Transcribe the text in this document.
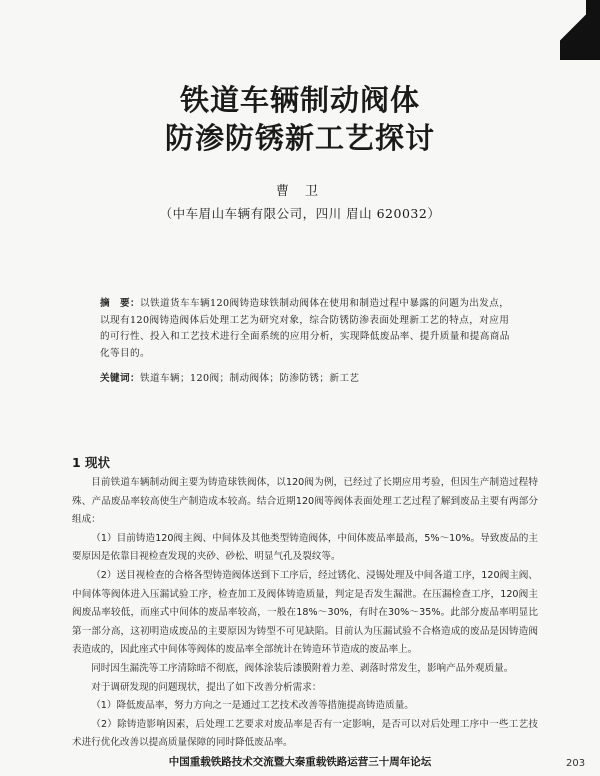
铁道车辆制动阀体
防渗防锈新工艺探讨
曹 卫
（中车眉山车辆有限公司，四川 眉山 620032）
摘　要：以铁道货车车辆120阀铸造球铁制动阀体在使用和制造过程中暴露的问题为出发点，以现有120阀铸造阀体后处理工艺为研究对象，综合防锈防渗表面处理新工艺的特点，对应用的可行性、投入和工艺技术进行全面系统的应用分析，实现降低废品率、提升质量和提高商品化等目的。
关键词：铁道车辆；120阀；制动阀体；防渗防锈；新工艺
1 现状

目前铁道车辆制动阀主要为铸造球铁阀体，以120阀为例，已经过了长期应用考验，但因生产制造过程特殊、产品废品率较高使生产制造成本较高。结合近期120阀等阀体表面处理工艺过程了解到废品主要有两部分组成：

（1）目前铸造120阀主阀、中间体及其他类型铸造阀体，中间体废品率最高，5%～10%。导致废品的主要原因是依靠目视检查发现的夹砂、砂松、明显气孔及裂纹等。

（2）送目视检查的合格各型铸造阀体送到下工序后，经过锈化、浸锡处理及中间各道工序，120阀主阀、中间体等阀体进入压漏试验工序，检查加工及阀体铸造质量，判定是否发生漏泄。在压漏检查工序，120阀主阀废品率较低，而座式中间体的废品率较高，一般在18%～30%，有时在30%～35%。此部分废品率明显比第一部分高，这初明造成废品的主要原因为铸型不可见缺陷。目前认为压漏试验不合格造成的废品是因铸造阀表造成的，因此座式中间体等阀体的废品率全部统计在铸造环节造成的废品率上。

同时因生漏洗等工序清除暗不彻底，阀体涂装后漆膜附着力差、剥落时常发生，影响产品外观质量。

对于调研发现的问题现状，提出了如下改善分析需求：

（1）降低废品率，努力方向之一是通过工艺技术改善等措施提高铸造质量。

（2）除铸造影响因素，后处理工艺要求对废品率是否有一定影响，是否可以对后处理工序中一些工艺技术进行优化改善以提高质量保障的同时降低废品率。

中国重载铁路技术交流暨大秦重载铁路运营三十周年论坛	203
